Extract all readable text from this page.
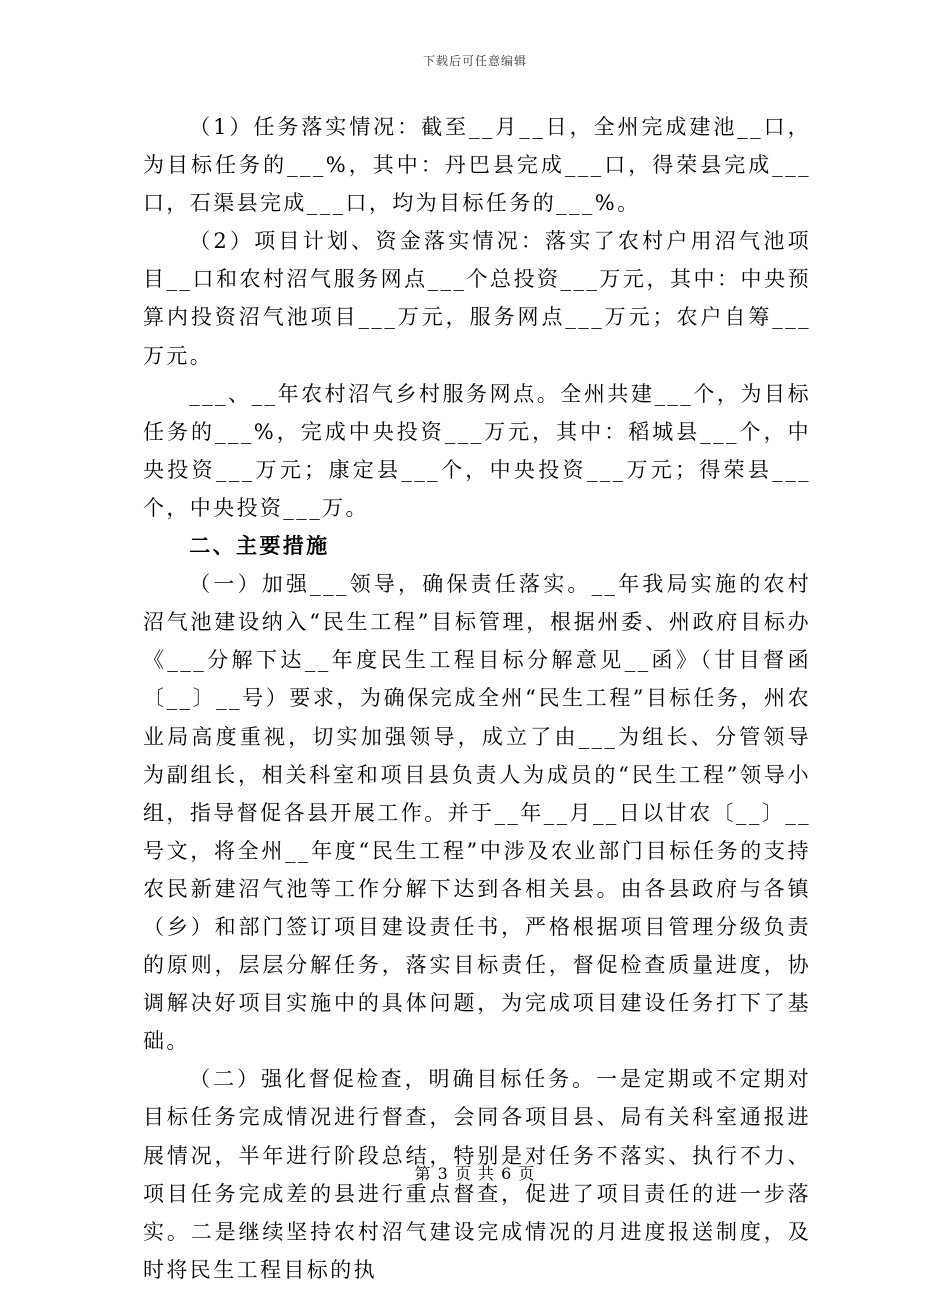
下载后可任意编辑

（1）任务落实情况：截至__月__日，全州完成建池__口，为目标任务的___%，其中：丹巴县完成___口，得荣县完成___口，石渠县完成___口，均为目标任务的___%。

（2）项目计划、资金落实情况：落实了农村户用沼气池项目__口和农村沼气服务网点___个总投资___万元，其中：中央预算内投资沼气池项目___万元，服务网点___万元；农户自筹___万元。

___、__年农村沼气乡村服务网点。全州共建___个，为目标任务的___%，完成中央投资___万元，其中：稻城县___个，中央投资___万元；康定县___个，中央投资___万元；得荣县___个，中央投资___万。

二、主要措施

（一）加强___领导，确保责任落实。__年我局实施的农村沼气池建设纳入“民生工程”目标管理，根据州委、州政府目标办《___分解下达__年度民生工程目标分解意见__函》（甘目督函〔__〕__号）要求，为确保完成全州“民生工程”目标任务，州农业局高度重视，切实加强领导，成立了由___为组长、分管领导为副组长，相关科室和项目县负责人为成员的“民生工程”领导小组，指导督促各县开展工作。并于__年__月__日以甘农〔__〕__号文，将全州__年度“民生工程”中涉及农业部门目标任务的支持农民新建沼气池等工作分解下达到各相关县。由各县政府与各镇（乡）和部门签订项目建设责任书，严格根据项目管理分级负责的原则，层层分解任务，落实目标责任，督促检查质量进度，协调解决好项目实施中的具体问题，为完成项目建设任务打下了基础。

（二）强化督促检查，明确目标任务。一是定期或不定期对目标任务完成情况进行督查，会同各项目县、局有关科室通报进展情况，半年进行阶段总结，特别是对任务不落实、执行不力、项目任务完成差的县进行重点督查，促进了项目责任的进一步落实。二是继续坚持农村沼气建设完成情况的月进度报送制度，及时将民生工程目标的执

第 3 页 共 6 页
